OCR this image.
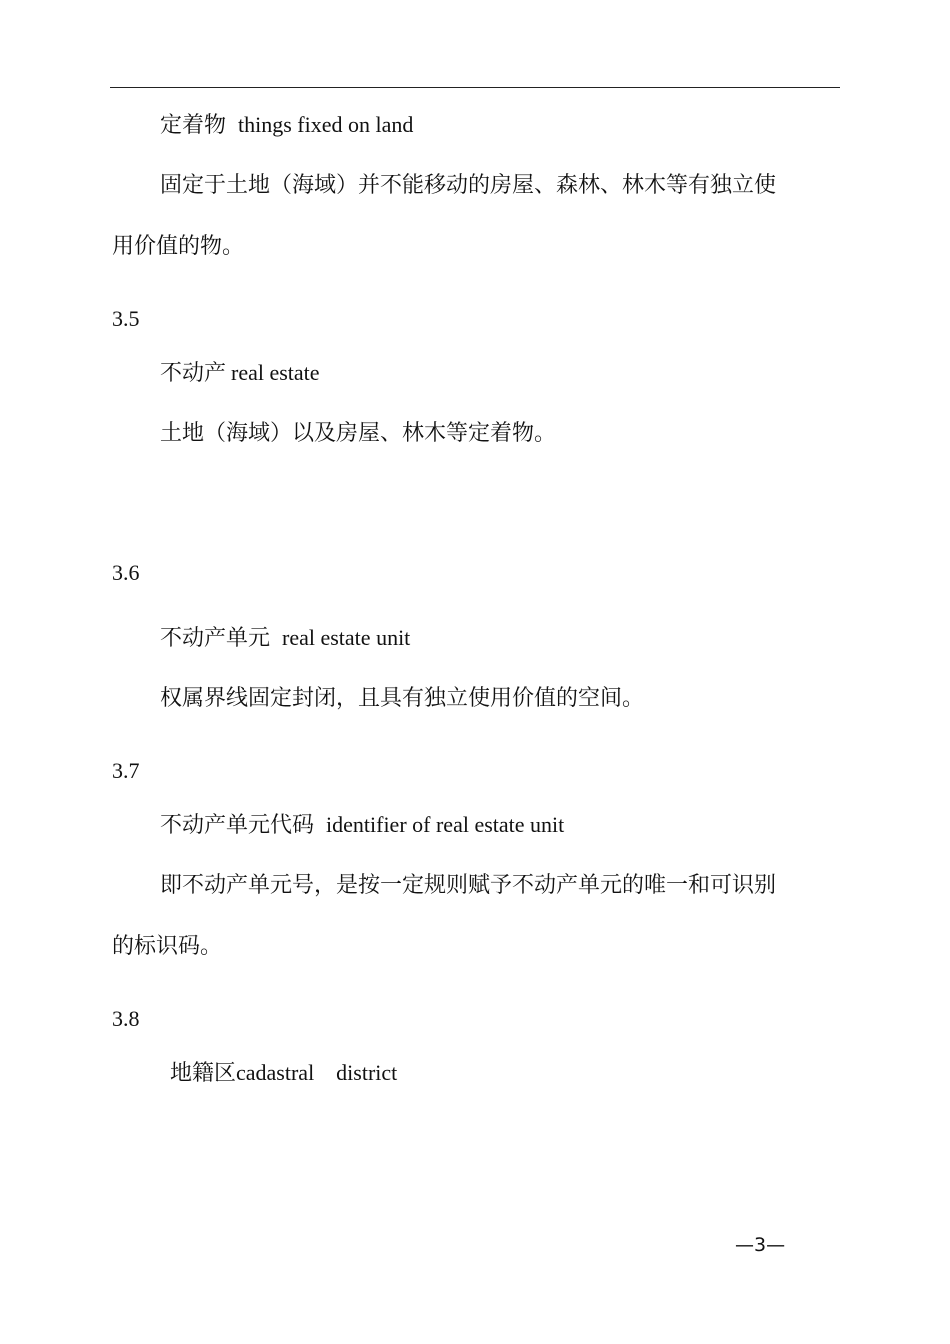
定着物 things fixed on land
固定于土地（海域）并不能移动的房屋、森林、林木等有独立使
用价值的物。
3.5
不动产 real estate
土地（海域）以及房屋、林木等定着物。
3.6
不动产单元 real estate unit
权属界线固定封闭，且具有独立使用价值的空间。
3.7
不动产单元代码 identifier of real estate unit
即不动产单元号，是按一定规则赋予不动产单元的唯一和可识别
的标识码。
3.8
地籍区cadastral　district
—3—
